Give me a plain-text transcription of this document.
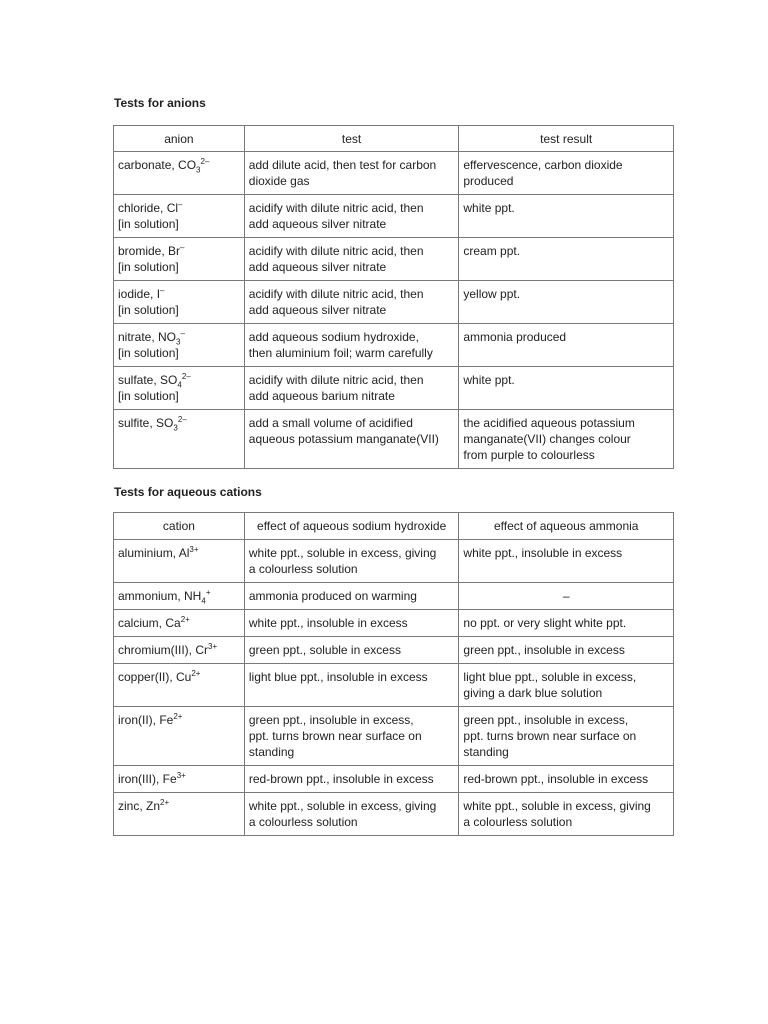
Tests for anions
anion	test	test result

carbonate, $CO_3^{2-}$	add dilute acid, then test for carbon
dioxide gas	effervescence, carbon dioxide
produced

chloride, Cl–
[in solution]	acidify with dilute nitric acid, then
add aqueous silver nitrate	white ppt.

bromide, Br–
[in solution]	acidify with dilute nitric acid, then
add aqueous silver nitrate	cream ppt.

iodide, I–
[in solution]	acidify with dilute nitric acid, then
add aqueous silver nitrate	yellow ppt.

nitrate, $NO_3^-$
[in solution]	add aqueous sodium hydroxide,
then aluminium foil; warm carefully	ammonia produced

sulfate, $SO_4^{2-}$
[in solution]	acidify with dilute nitric acid, then
add aqueous barium nitrate	white ppt.

sulfite, $SO_3^{2-}$	add a small volume of acidified
aqueous potassium manganate(VII)	the acidified aqueous potassium
manganate(VII) changes colour
from purple to colourless
Tests for aqueous cations
cation	effect of aqueous sodium hydroxide	effect of aqueous ammonia

aluminium, $Al^{3+}$	white ppt., soluble in excess, giving
a colourless solution	white ppt., insoluble in excess

ammonium, $NH_4^+$	ammonia produced on warming	–

calcium, $Ca^{2+}$	white ppt., insoluble in excess	no ppt. or very slight white ppt.

chromium(III), $Cr^{3+}$	green ppt., soluble in excess	green ppt., insoluble in excess

copper(II), $Cu^{2+}$	light blue ppt., insoluble in excess	light blue ppt., soluble in excess,
giving a dark blue solution

iron(II), $Fe^{2+}$	green ppt., insoluble in excess,
ppt. turns brown near surface on
standing	green ppt., insoluble in excess,
ppt. turns brown near surface on
standing

iron(III), $Fe^{3+}$	red-brown ppt., insoluble in excess	red-brown ppt., insoluble in excess

zinc, $Zn^{2+}$	white ppt., soluble in excess, giving
a colourless solution	white ppt., soluble in excess, giving
a colourless solution
